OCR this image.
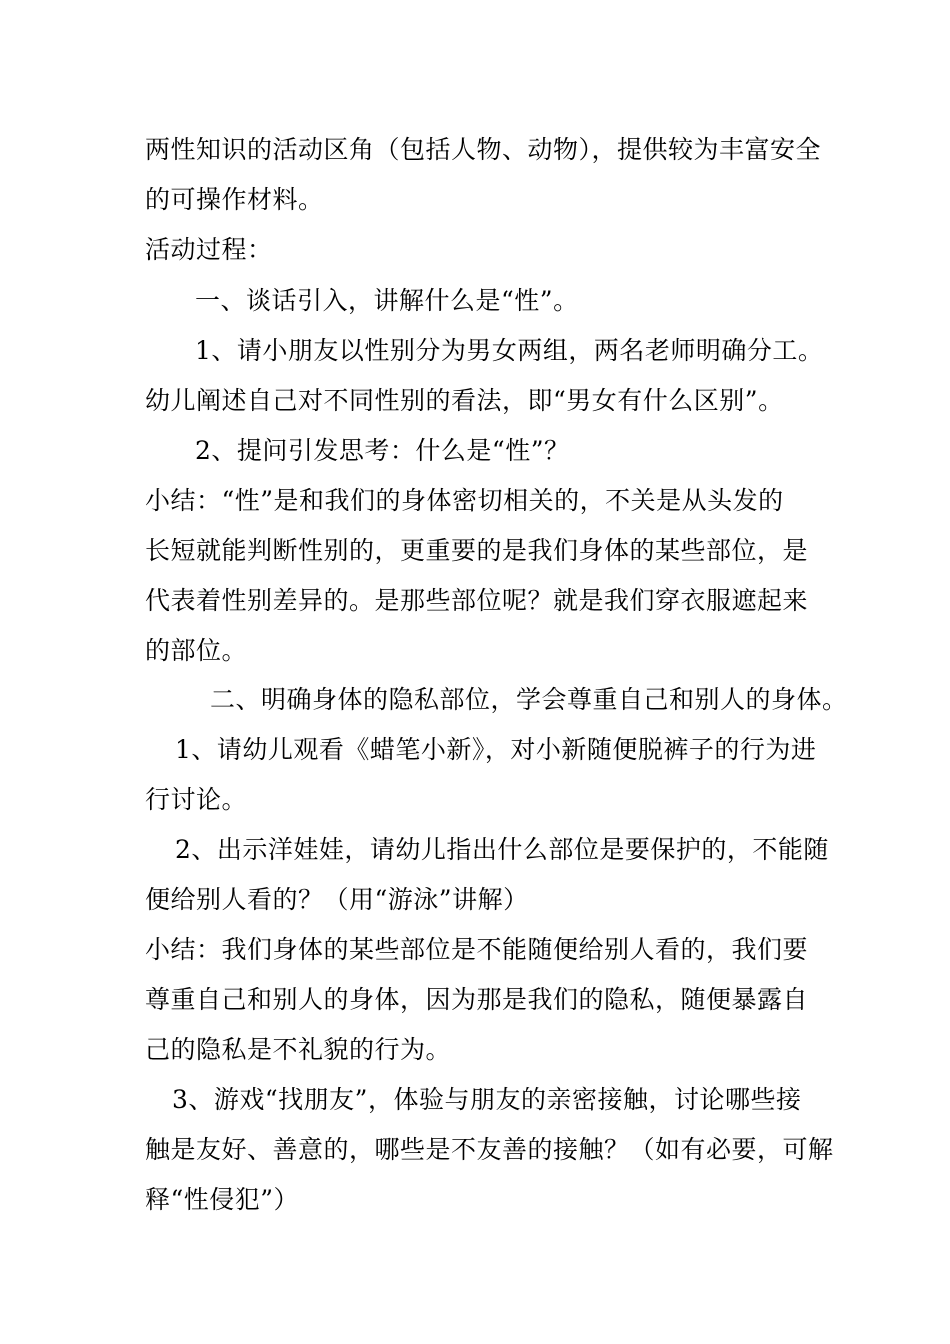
两性知识的活动区角（包括人物、动物），提供较为丰富安全
的可操作材料。
活动过程：
一、谈话引入，讲解什么是“性”。
1、请小朋友以性别分为男女两组，两名老师明确分工。
幼儿阐述自己对不同性别的看法，即“男女有什么区别”。
2、提问引发思考：什么是“性”？
小结：“性”是和我们的身体密切相关的，不关是从头发的
长短就能判断性别的，更重要的是我们身体的某些部位，是
代表着性别差异的。是那些部位呢？就是我们穿衣服遮起来
的部位。
二、明确身体的隐私部位，学会尊重自己和别人的身体。
1、请幼儿观看《蜡笔小新》，对小新随便脱裤子的行为进
行讨论。
2、出示洋娃娃，请幼儿指出什么部位是要保护的，不能随
便给别人看的？（用“游泳”讲解）
小结：我们身体的某些部位是不能随便给别人看的，我们要
尊重自己和别人的身体，因为那是我们的隐私，随便暴露自
己的隐私是不礼貌的行为。
3、游戏“找朋友”，体验与朋友的亲密接触，讨论哪些接
触是友好、善意的，哪些是不友善的接触？（如有必要，可解
释“性侵犯”）
